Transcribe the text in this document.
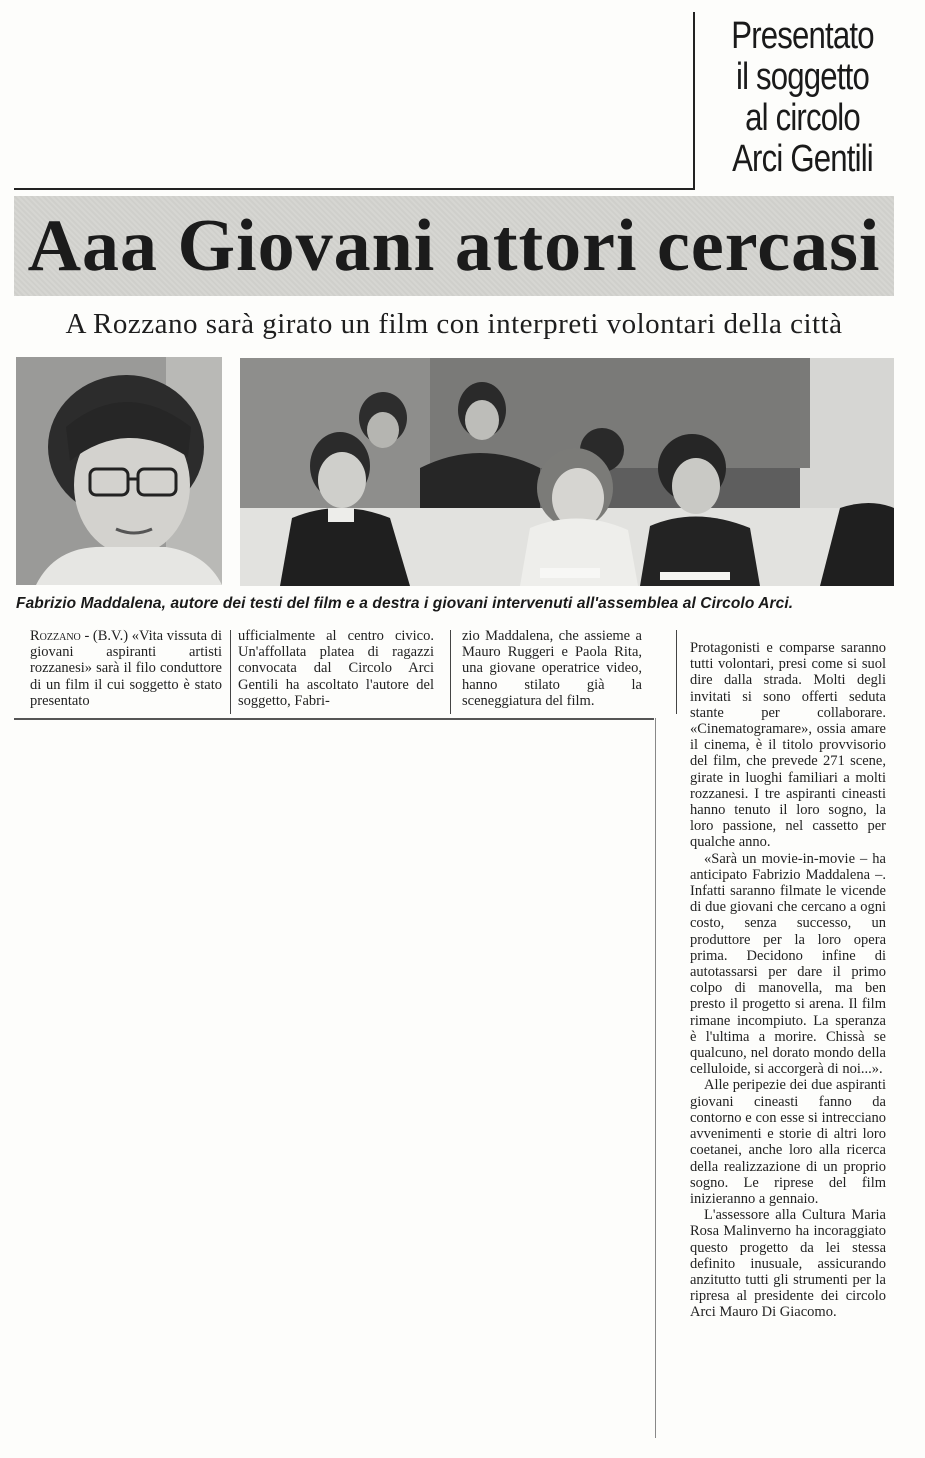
Presentato
il soggetto
al circolo
Arci Gentili
Aaa Giovani attori cercasi
A Rozzano sarà girato un film con interpreti volontari della città
Fabrizio Maddalena, autore dei testi del film e a destra i giovani intervenuti all'assemblea al Circolo Arci.

Rozzano - (B.V.) «Vita vissuta di giovani aspiranti artisti rozzanesi» sarà il filo conduttore di un film il cui soggetto è stato presentato

ufficialmente al centro civico. Un'affollata platea di ragazzi convocata dal Circolo Arci Gentili ha ascoltato l'autore del soggetto, Fabri-

zio Maddalena, che assieme a Mauro Ruggeri e Paola Rita, una giovane operatrice video, hanno stilato già la sceneggiatura del film.

Protagonisti e comparse saranno tutti volontari, presi come si suol dire dalla strada. Molti degli invitati si sono offerti seduta stante per collaborare. «Cinematogramare», ossia amare il cinema, è il titolo provvisorio del film, che prevede 271 scene, girate in luoghi familiari a molti rozzanesi. I tre aspiranti cineasti hanno tenuto il loro sogno, la loro passione, nel cassetto per qualche anno.

«Sarà un movie-in-movie – ha anticipato Fabrizio Maddalena –. Infatti saranno filmate le vicende di due giovani che cercano a ogni costo, senza successo, un produttore per la loro opera prima. Decidono infine di autotassarsi per dare il primo colpo di manovella, ma ben presto il progetto si arena. Il film rimane incompiuto. La speranza è l'ultima a morire. Chissà se qualcuno, nel dorato mondo della celluloide, si accorgerà di noi...».

Alle peripezie dei due aspiranti giovani cineasti fanno da contorno e con esse si intrecciano avvenimenti e storie di altri loro coetanei, anche loro alla ricerca della realizzazione di un proprio sogno. Le riprese del film inizieranno a gennaio.

L'assessore alla Cultura Maria Rosa Malinverno ha incoraggiato questo progetto da lei stessa definito inusuale, assicurando anzitutto tutti gli strumenti per la ripresa al presidente dei circolo Arci Mauro Di Giacomo.
